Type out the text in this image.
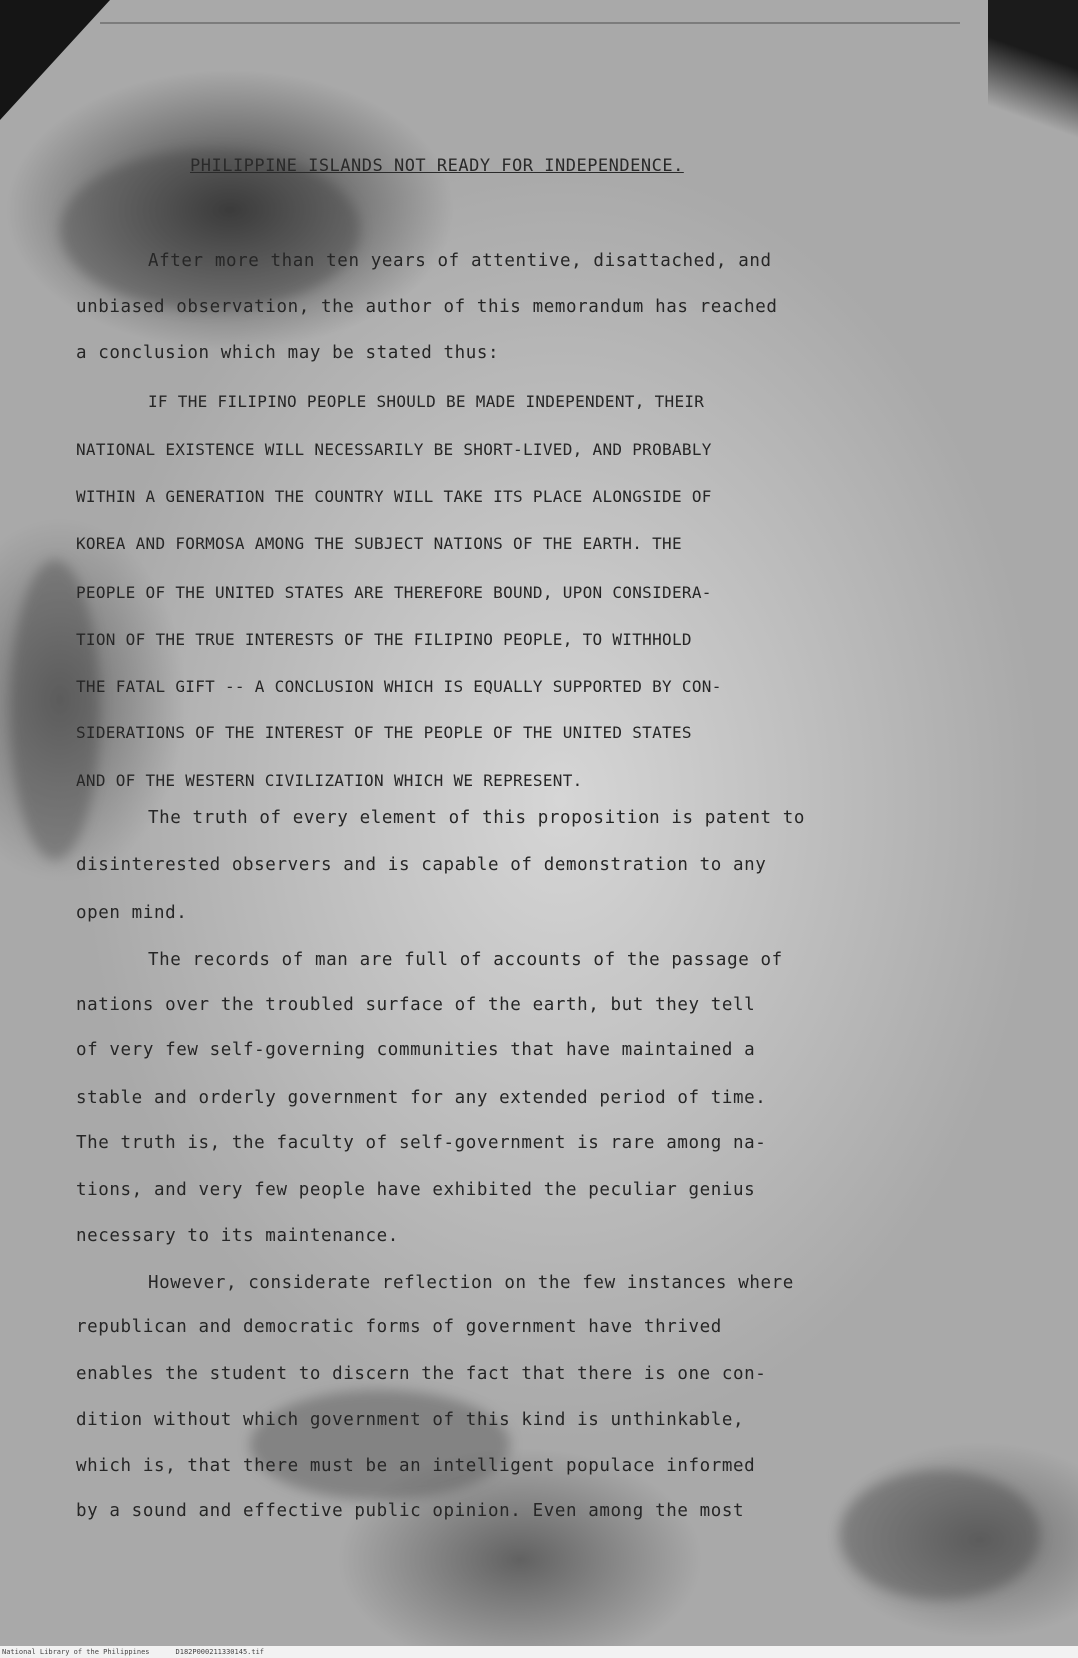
PHILIPPINE ISLANDS NOT READY FOR INDEPENDENCE.
After more than ten years of attentive, disattached, and
unbiased observation, the author of this memorandum has reached
a conclusion which may be stated thus:
IF THE FILIPINO PEOPLE SHOULD BE MADE INDEPENDENT, THEIR
NATIONAL EXISTENCE WILL NECESSARILY BE SHORT-LIVED, AND PROBABLY
WITHIN A GENERATION THE COUNTRY WILL TAKE ITS PLACE ALONGSIDE OF
KOREA AND FORMOSA AMONG THE SUBJECT NATIONS OF THE EARTH. THE
PEOPLE OF THE UNITED STATES ARE THEREFORE BOUND, UPON CONSIDERA-
TION OF THE TRUE INTERESTS OF THE FILIPINO PEOPLE, TO WITHHOLD
THE FATAL GIFT -- A CONCLUSION WHICH IS EQUALLY SUPPORTED BY CON-
SIDERATIONS OF THE INTEREST OF THE PEOPLE OF THE UNITED STATES
AND OF THE WESTERN CIVILIZATION WHICH WE REPRESENT.
The truth of every element of this proposition is patent to
disinterested observers and is capable of demonstration to any
open mind.
The records of man are full of accounts of the passage of
nations over the troubled surface of the earth, but they tell
of very few self-governing communities that have maintained a
stable and orderly government for any extended period of time.
The truth is, the faculty of self-government is rare among na-
tions, and very few people have exhibited the peculiar genius
necessary to its maintenance.
However, considerate reflection on the few instances where
republican and democratic forms of government have thrived
enables the student to discern the fact that there is one con-
dition without which government of this kind is unthinkable,
which is, that there must be an intelligent populace informed
by a sound and effective public opinion. Even among the most
National Library of the Philippines	D182P000211330145.tif
